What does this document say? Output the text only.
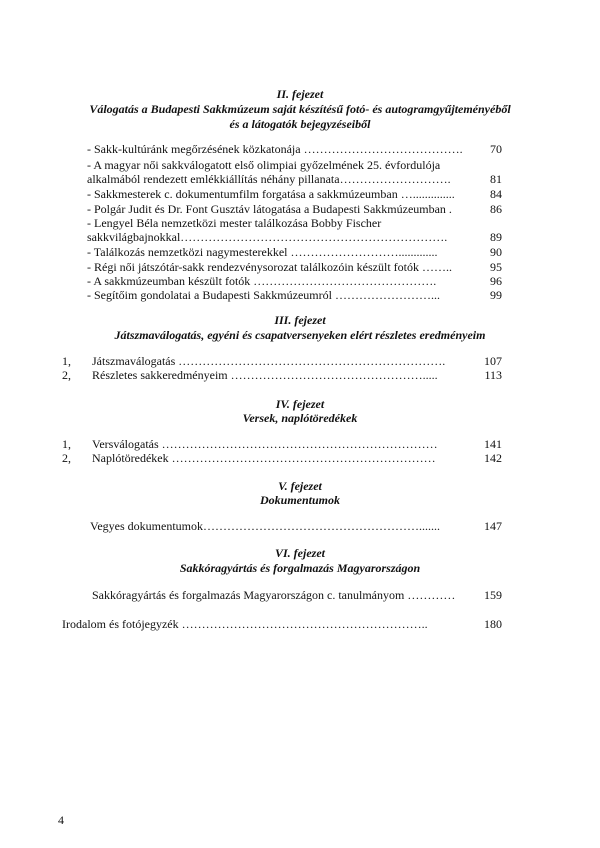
II. fejezet
Válogatás a Budapesti Sakkmúzeum saját készítésű fotó- és autogramgyűjteményéből
és a látogatók bejegyzéseiből
- Sakk-kultúránk megőrzésének közkatonája ………………………………….	70
- A magyar női sakkválogatott első olimpiai győzelmének 25. évfordulója
alkalmából rendezett emlékkiállítás néhány pillanata……………………….	81
- Sakkmesterek c. dokumentumfilm forgatása a sakkmúzeumban …..............	84
- Polgár Judit és Dr. Font Gusztáv látogatása a Budapesti Sakkmúzeumban .	86
- Lengyel Béla nemzetközi mester találkozása Bobby Fischer
sakkvilágbajnokkal………………………………………………………….	89
- Találkozás nemzetközi nagymesterekkel ……………………….............	90
- Régi női játszótár-sakk rendezvénysorozat találkozóin készült fotók ……..	95
- A sakkmúzeumban készült fotók ……………………………………….	96
- Segítőim gondolatai a Budapesti Sakkmúzeumról ……………………...	99
III. fejezet
Játszmaválogatás, egyéni és csapatversenyeken elért részletes eredményeim
1, Játszmaválogatás ………………………………………………………….	107
2, Részletes sakkeredményeim ………………………………………….....	113
IV. fejezet
Versek, naplótöredékek
1, Versválogatás ……………………………………………………………	141
2, Naplótöredékek …………………………………………………………	142
V. fejezet
Dokumentumok
Vegyes dokumentumok……………………………………………….......	147
VI. fejezet
Sakkóragyártás és forgalmazás Magyarországon
Sakkóragyártás és forgalmazás Magyarországon c. tanulmányom …………	159
Irodalom és fotójegyzék ……………………………………………………..	180
4
